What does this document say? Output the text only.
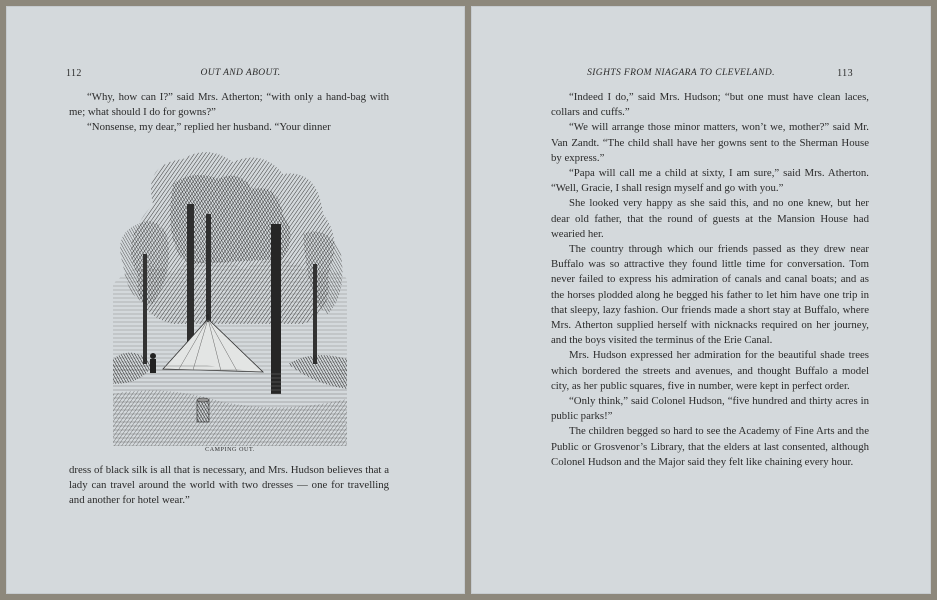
112	OUT AND ABOUT.

“Why, how can I?” said Mrs. Atherton; “with only a hand-bag with me; what should I do for gowns?”

“Nonsense, my dear,” replied her husband. “Your dinner

CAMPING OUT.

dress of black silk is all that is necessary, and Mrs. Hudson believes that a lady can travel around the world with two dresses — one for travelling and another for hotel wear.”

SIGHTS FROM NIAGARA TO CLEVELAND.	113

“Indeed I do,” said Mrs. Hudson; “but one must have clean laces, collars and cuffs.”

“We will arrange those minor matters, won’t we, mother?” said Mr. Van Zandt. “The child shall have her gowns sent to the Sherman House by express.”

“Papa will call me a child at sixty, I am sure,” said Mrs. Atherton. “Well, Gracie, I shall resign myself and go with you.”

She looked very happy as she said this, and no one knew, but her dear old father, that the round of guests at the Mansion House had wearied her.

The country through which our friends passed as they drew near Buffalo was so attractive they found little time for conversation. Tom never failed to express his admiration of canals and canal boats; and as the horses plodded along he begged his father to let him have one trip in that sleepy, lazy fashion. Our friends made a short stay at Buffalo, where Mrs. Atherton supplied herself with nicknacks required on her journey, and the boys visited the terminus of the Erie Canal.

Mrs. Hudson expressed her admiration for the beautiful shade trees which bordered the streets and avenues, and thought Buffalo a model city, as her public squares, five in number, were kept in perfect order.

“Only think,” said Colonel Hudson, “five hundred and thirty acres in public parks!”

The children begged so hard to see the Academy of Fine Arts and the Public or Grosvenor’s Library, that the elders at last consented, although Colonel Hudson and the Major said they felt like chaining every hour.
